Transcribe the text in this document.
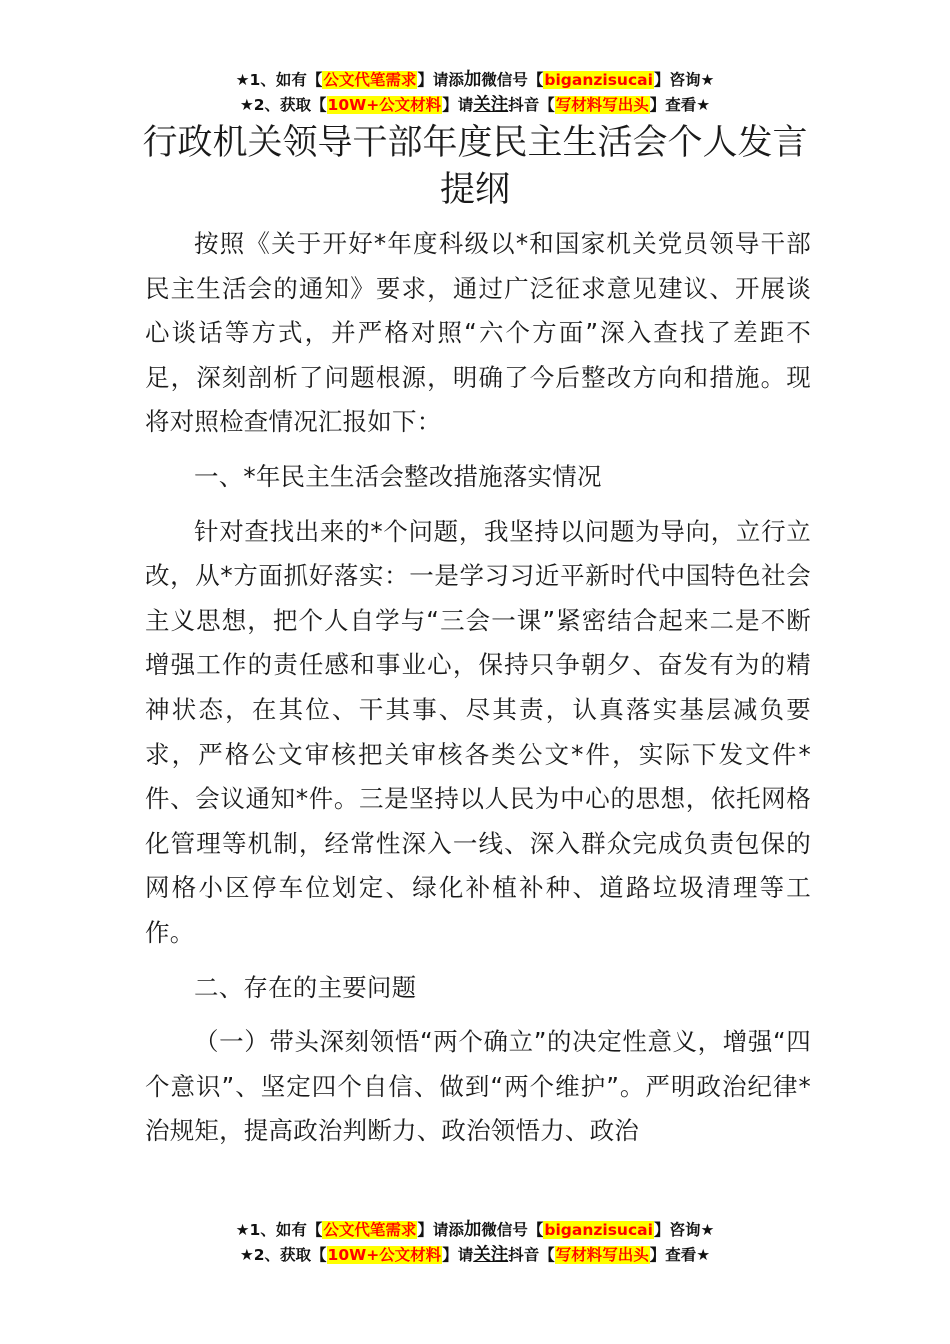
★1、如有【公文代笔需求】请添加微信号【biganzisucai】咨询★
★2、获取【10W+公文材料】请关注抖音【写材料写出头】查看★
行政机关领导干部年度民主生活会个人发言提纲

按照《关于开好*年度科级以*和国家机关党员领导干部民主生活会的通知》要求，通过广泛征求意见建议、开展谈心谈话等方式，并严格对照“六个方面”深入查找了差距不足，深刻剖析了问题根源，明确了今后整改方向和措施。现将对照检查情况汇报如下：

一、*年民主生活会整改措施落实情况

针对查找出来的*个问题，我坚持以问题为导向，立行立改，从*方面抓好落实：一是学习习近平新时代中国特色社会主义思想，把个人自学与“三会一课”紧密结合起来二是不断增强工作的责任感和事业心，保持只争朝夕、奋发有为的精神状态，在其位、干其事、尽其责，认真落实基层减负要求，严格公文审核把关审核各类公文*件，实际下发文件*件、会议通知*件。三是坚持以人民为中心的思想，依托网格化管理等机制，经常性深入一线、深入群众完成负责包保的网格小区停车位划定、绿化补植补种、道路垃圾清理等工作。

二、存在的主要问题

（一）带头深刻领悟“两个确立”的决定性意义，增强“四个意识”、坚定四个自信、做到“两个维护”。严明政治纪律*治规矩，提高政治判断力、政治领悟力、政治

★1、如有【公文代笔需求】请添加微信号【biganzisucai】咨询★
★2、获取【10W+公文材料】请关注抖音【写材料写出头】查看★
